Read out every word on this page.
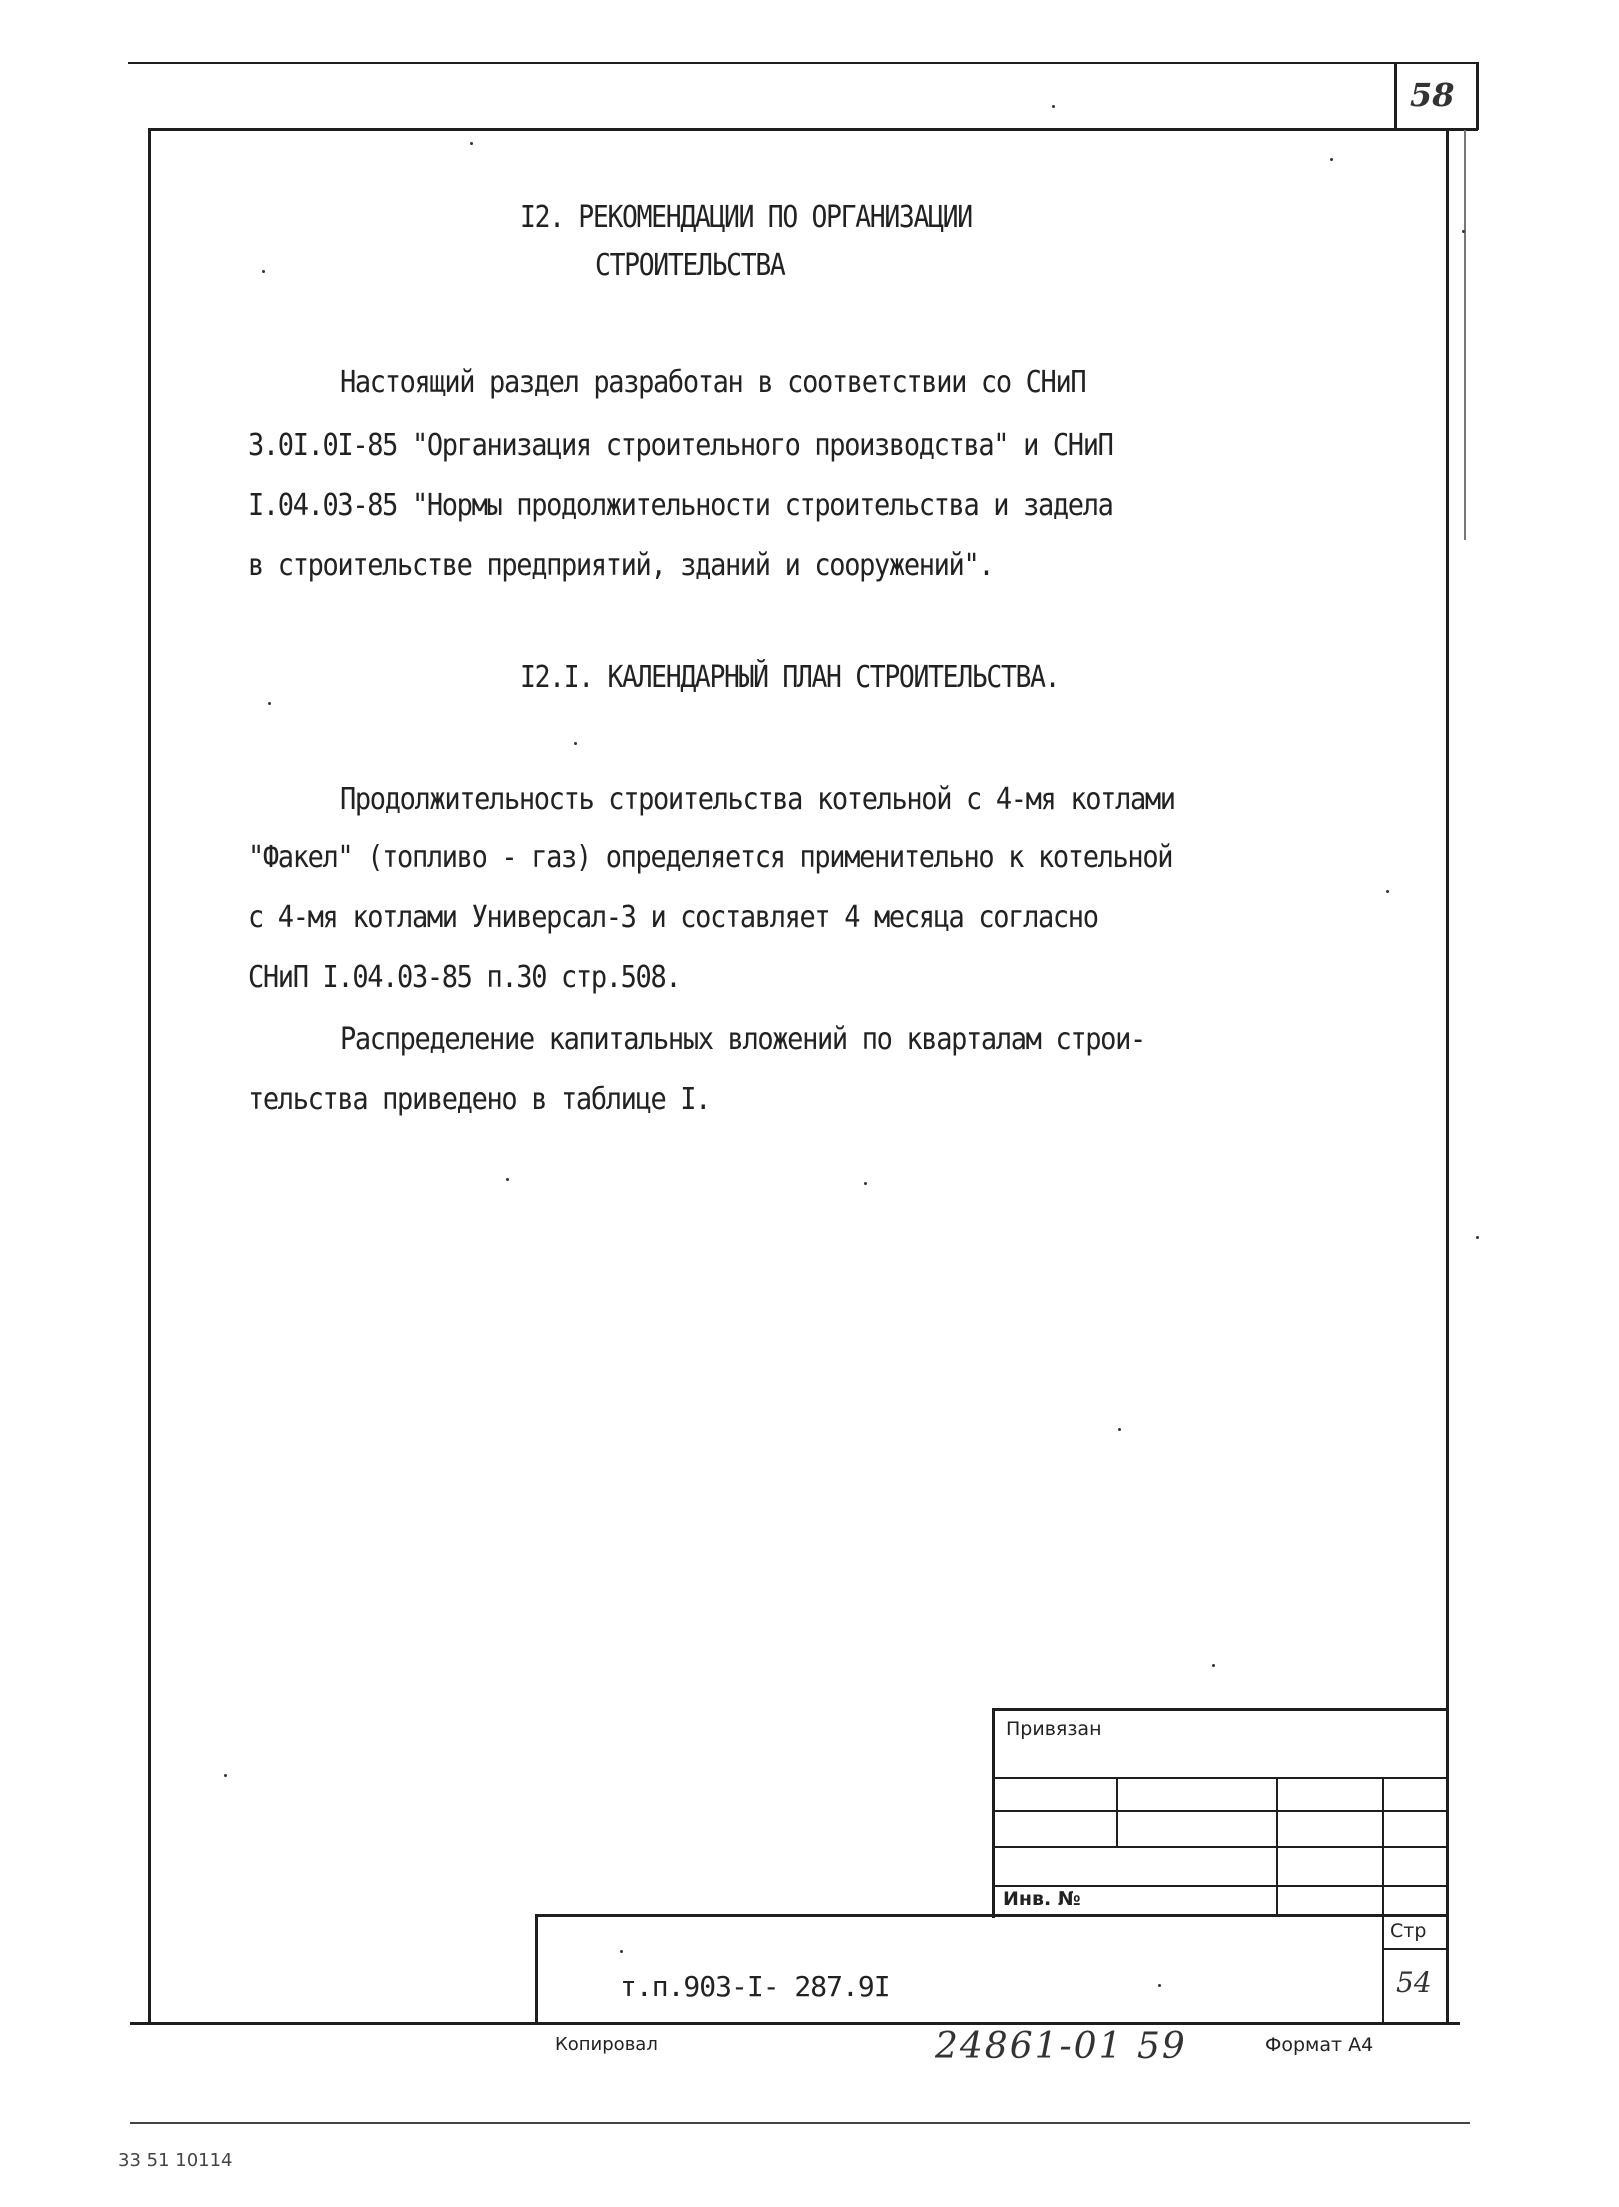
58
I2. РЕКОМЕНДАЦИИ ПО ОРГАНИЗАЦИИ
СТРОИТЕЛЬСТВА
Настоящий раздел разработан в соответствии со СНиП
3.0I.0I-85 "Организация строительного производства" и СНиП
I.04.03-85 "Нормы продолжительности строительства и задела
в строительстве предприятий, зданий и сооружений".
I2.I. КАЛЕНДАРНЫЙ ПЛАН СТРОИТЕЛЬСТВА.
Продолжительность строительства котельной с 4-мя котлами
"Факел" (топливо - газ) определяется применительно к котельной
с 4-мя котлами Универсал-3 и составляет 4 месяца согласно
СНиП I.04.03-85 п.30 стр.508.
Распределение капитальных вложений по кварталам строи-
тельства приведено в таблице I.
Привязан
Инв. №
Стр
54
т.п.903-I- 287.9I
Копировал	24861-01 59	Формат А4
33 51 10114
